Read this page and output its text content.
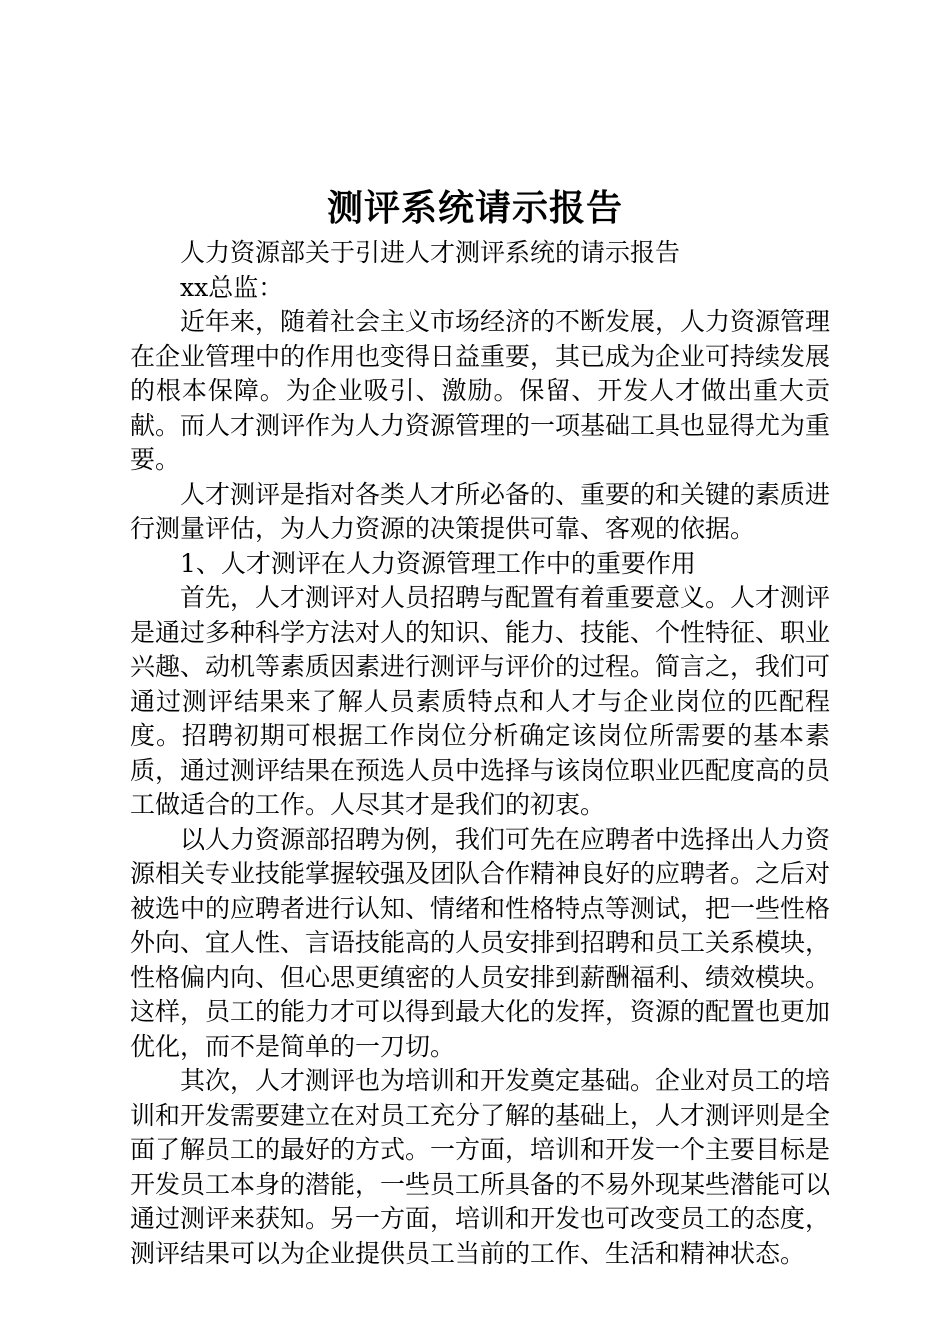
测评系统请示报告

人力资源部关于引进人才测评系统的请示报告

xx总监：

近年来，随着社会主义市场经济的不断发展，人力资源管理在企业管理中的作用也变得日益重要，其已成为企业可持续发展的根本保障。为企业吸引、激励。保留、开发人才做出重大贡献。而人才测评作为人力资源管理的一项基础工具也显得尤为重要。

人才测评是指对各类人才所必备的、重要的和关键的素质进行测量评估，为人力资源的决策提供可靠、客观的依据。

1、人才测评在人力资源管理工作中的重要作用

首先，人才测评对人员招聘与配置有着重要意义。人才测评是通过多种科学方法对人的知识、能力、技能、个性特征、职业兴趣、动机等素质因素进行测评与评价的过程。简言之，我们可通过测评结果来了解人员素质特点和人才与企业岗位的匹配程度。招聘初期可根据工作岗位分析确定该岗位所需要的基本素质，通过测评结果在预选人员中选择与该岗位职业匹配度高的员工做适合的工作。人尽其才是我们的初衷。

以人力资源部招聘为例，我们可先在应聘者中选择出人力资源相关专业技能掌握较强及团队合作精神良好的应聘者。之后对被选中的应聘者进行认知、情绪和性格特点等测试，把一些性格外向、宜人性、言语技能高的人员安排到招聘和员工关系模块，性格偏内向、但心思更缜密的人员安排到薪酬福利、绩效模块。这样，员工的能力才可以得到最大化的发挥，资源的配置也更加优化，而不是简单的一刀切。

其次，人才测评也为培训和开发奠定基础。企业对员工的培训和开发需要建立在对员工充分了解的基础上，人才测评则是全面了解员工的最好的方式。一方面，培训和开发一个主要目标是开发员工本身的潜能，一些员工所具备的不易外现某些潜能可以通过测评来获知。另一方面，培训和开发也可改变员工的态度，测评结果可以为企业提供员工当前的工作、生活和精神状态。
